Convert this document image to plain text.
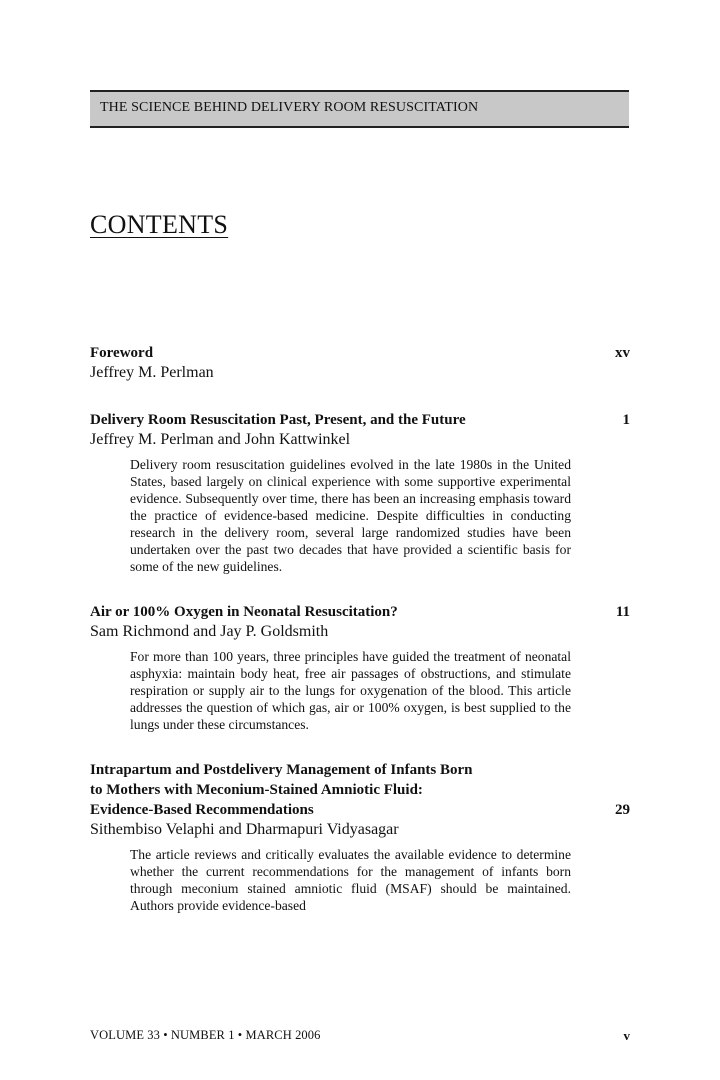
THE SCIENCE BEHIND DELIVERY ROOM RESUSCITATION
CONTENTS
xv
Foreword
Jeffrey M. Perlman
1
Delivery Room Resuscitation Past, Present, and the Future
Jeffrey M. Perlman and John Kattwinkel
Delivery room resuscitation guidelines evolved in the late 1980s in the United States, based largely on clinical experience with some supportive experimental evidence. Subsequently over time, there has been an increasing emphasis toward the practice of evidence-based medicine. Despite difficulties in conducting research in the delivery room, several large randomized studies have been undertaken over the past two decades that have provided a scientific basis for some of the new guidelines.
11
Air or 100% Oxygen in Neonatal Resuscitation?
Sam Richmond and Jay P. Goldsmith
For more than 100 years, three principles have guided the treatment of neonatal asphyxia: maintain body heat, free air passages of obstructions, and stimulate respiration or supply air to the lungs for oxygenation of the blood. This article addresses the question of which gas, air or 100% oxygen, is best supplied to the lungs under these circumstances.
29
Intrapartum and Postdelivery Management of Infants Born
to Mothers with Meconium-Stained Amniotic Fluid:
Evidence-Based Recommendations
Sithembiso Velaphi and Dharmapuri Vidyasagar
The article reviews and critically evaluates the available evidence to determine whether the current recommendations for the management of infants born through meconium stained amniotic fluid (MSAF) should be maintained. Authors provide evidence-based
VOLUME 33 • NUMBER 1 • MARCH 2006	v
